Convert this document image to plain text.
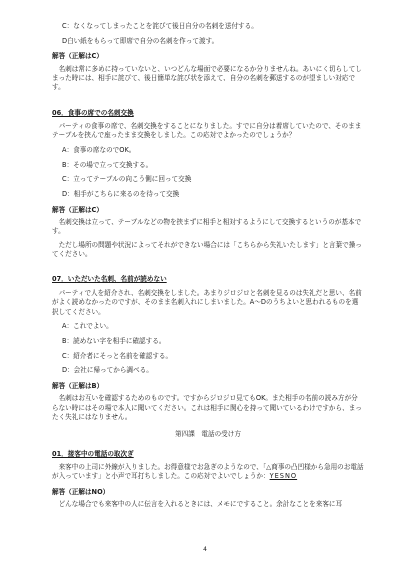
C：なくなってしまったことを詫びて後日自分の名刺を送付する。

D白い紙をもらって即席で自分の名刺を作って渡す。

解答（正解はC）

名刺は常に多めに持っていないと、いつどんな場面で必要になるか分りませんね。あいにく切らしてしまった時には、相手に詫びて、後日簡単な詫び状を添えて、自分の名刺を郵送するのが望ましい対応です。

06．食事の席での名刺交換

パーティの食事の席で、名刺交換をすることになりました。すでに自分は着席していたので、そのままテーブルを挟んで座ったまま交換をしました。この応対でよかったのでしょうか？

A：食事の席なのでOK。

B：その場で立って交換する。

C：立ってテーブルの向こう側に回って交換

D：相手がこちらに来るのを待って交換

解答（正解はC）

名刺交換は立って、テーブルなどの物を挟まずに相手と相対するようにして交換するというのが基本です。

ただし場所の問題や状況によってそれができない場合には「こちらから失礼いたします」と言葉で操ってください。

07．いただいた名刺、名前が読めない

パーティで人を紹介され、名刺交換をしました。あまりジロジロと名刺を見るのは失礼だと思い、名前がよく読めなかったのですが、そのまま名刺入れにしまいました。A～Dのうちよいと思われるものを選択してください。

A：これでよい。

B：読めない字を相手に確認する。

C：紹介者にそっと名前を確認する。

D：会社に帰ってから調べる。

解答（正解はB）

名刺はお互いを確認するためのものです。ですからジロジロ見てもOK。また相手の名前の読み方が分らない時にはその場で本人に聞いてください。これは相手に関心を持って聞いているわけですから、まったく失礼にはなりません。

第四課　電話の受け方

01．接客中の電話の取次ぎ

来客中の上司に外線が入りました。お得意様でお急ぎのようなので、「△商事の凸凹様から急用のお電話が入っています」と小声で耳打ちしました。この応対でよいでしょうか：YESNO

解答（正解はNO）

どんな場合でも来客中の人に伝言を入れるときには、メモにですること。余計なことを来客に耳

4
